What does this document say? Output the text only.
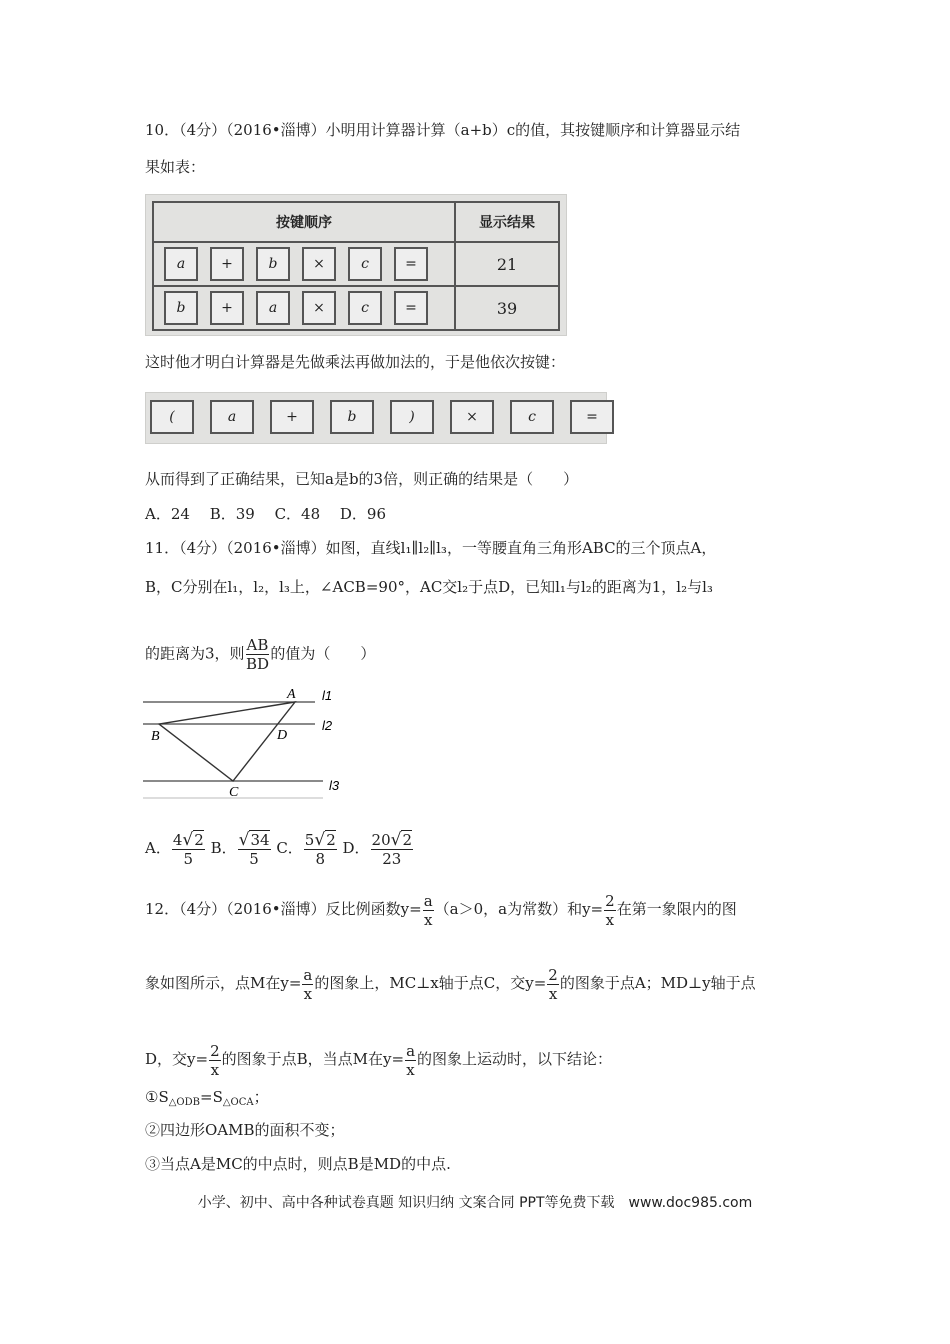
10．（4分）（2016•淄博）小明用计算器计算（a+b）c的值，其按键顺序和计算器显示结
果如表：
按键顺序	显示结果
a + b × c =	21
b + a × c =	39
这时他才明白计算器是先做乘法再做加法的，于是他依次按键：
(	a	+	b	)	×	c	=
从而得到了正确结果，已知a是b的3倍，则正确的结果是（　　）
A．24　 B．39　 C．48　 D．96
11．（4分）（2016•淄博）如图，直线l₁∥l₂∥l₃，一等腰直角三角形ABC的三个顶点A，
B，C分别在l₁，l₂，l₃上，∠ACB=90°，AC交l₂于点D，已知l₁与l₂的距离为1，l₂与l₃
的距离为3，则 $\frac{AB}{BD}$ 的值为（　　）
A
B
C
D
l1
l2
l3
A． $\frac{4√2}{5}$ B． $\frac{√34}{5}$ C． $\frac{5√2}{8}$ D． $\frac{20√2}{23}$
12．（4分）（2016•淄博）反比例函数$y= \frac{a}{x} (a>0$，a为常数）和$y= \frac{2}{x}$ 在第一象限内的图
象如图所示，点M在$y= \frac{a}{x}$ 的图象上，MC⊥x轴于点C，交$y= \frac{2}{x}$ 的图象于点A；MD⊥y轴于点
D，交$y= \frac{2}{x}$ 的图象于点B，当点M在$y= \frac{a}{x}$ 的图象上运动时，以下结论：
$①S_{\triangle ODB}=S_{\triangle OCA}$；
②四边形OAMB的面积不变；
③当点A是MC的中点时，则点B是MD的中点.
小学、初中、高中各种试卷真题 知识归纳 文案合同 PPT等免费下载　www.doc985.com
